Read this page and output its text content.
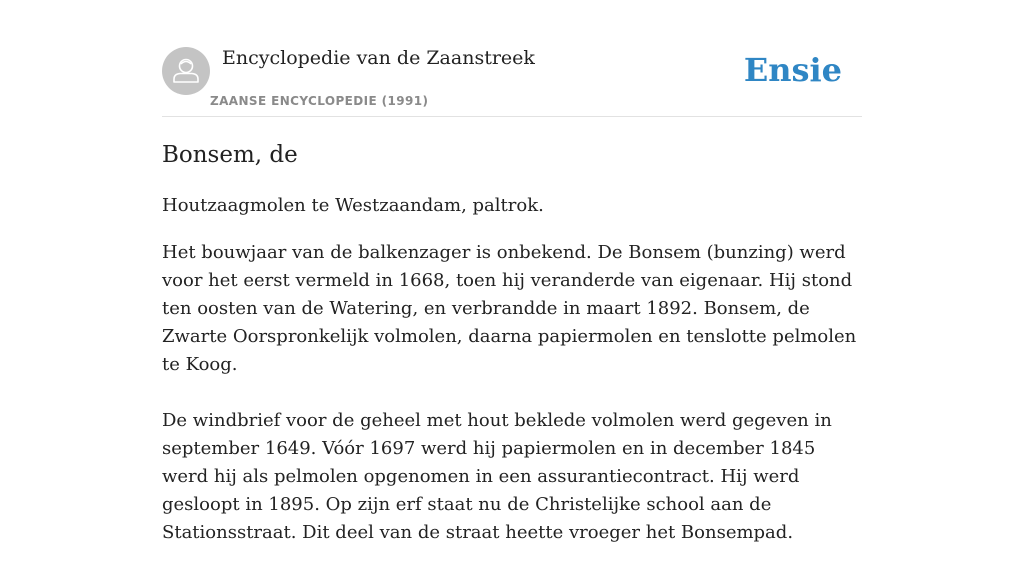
Encyclopedie van de Zaanstreek
ZAANSE ENCYCLOPEDIE (1991)
Ensie
Bonsem, de

Houtzaagmolen te Westzaandam, paltrok.

Het bouwjaar van de balkenzager is onbekend. De Bonsem (bunzing) werd voor het eerst vermeld in 1668, toen hij veranderde van eigenaar. Hij stond ten oosten van de Watering, en verbrandde in maart 1892. Bonsem, de Zwarte Oorspronkelijk volmolen, daarna papiermolen en tenslotte pelmolen te Koog.

De windbrief voor de geheel met hout beklede volmolen werd gegeven in september 1649. Vóór 1697 werd hij papiermolen en in december 1845 werd hij als pelmolen opgenomen in een assurantiecontract. Hij werd gesloopt in 1895. Op zijn erf staat nu de Christelijke school aan de Stationsstraat. Dit deel van de straat heette vroeger het Bonsempad.
